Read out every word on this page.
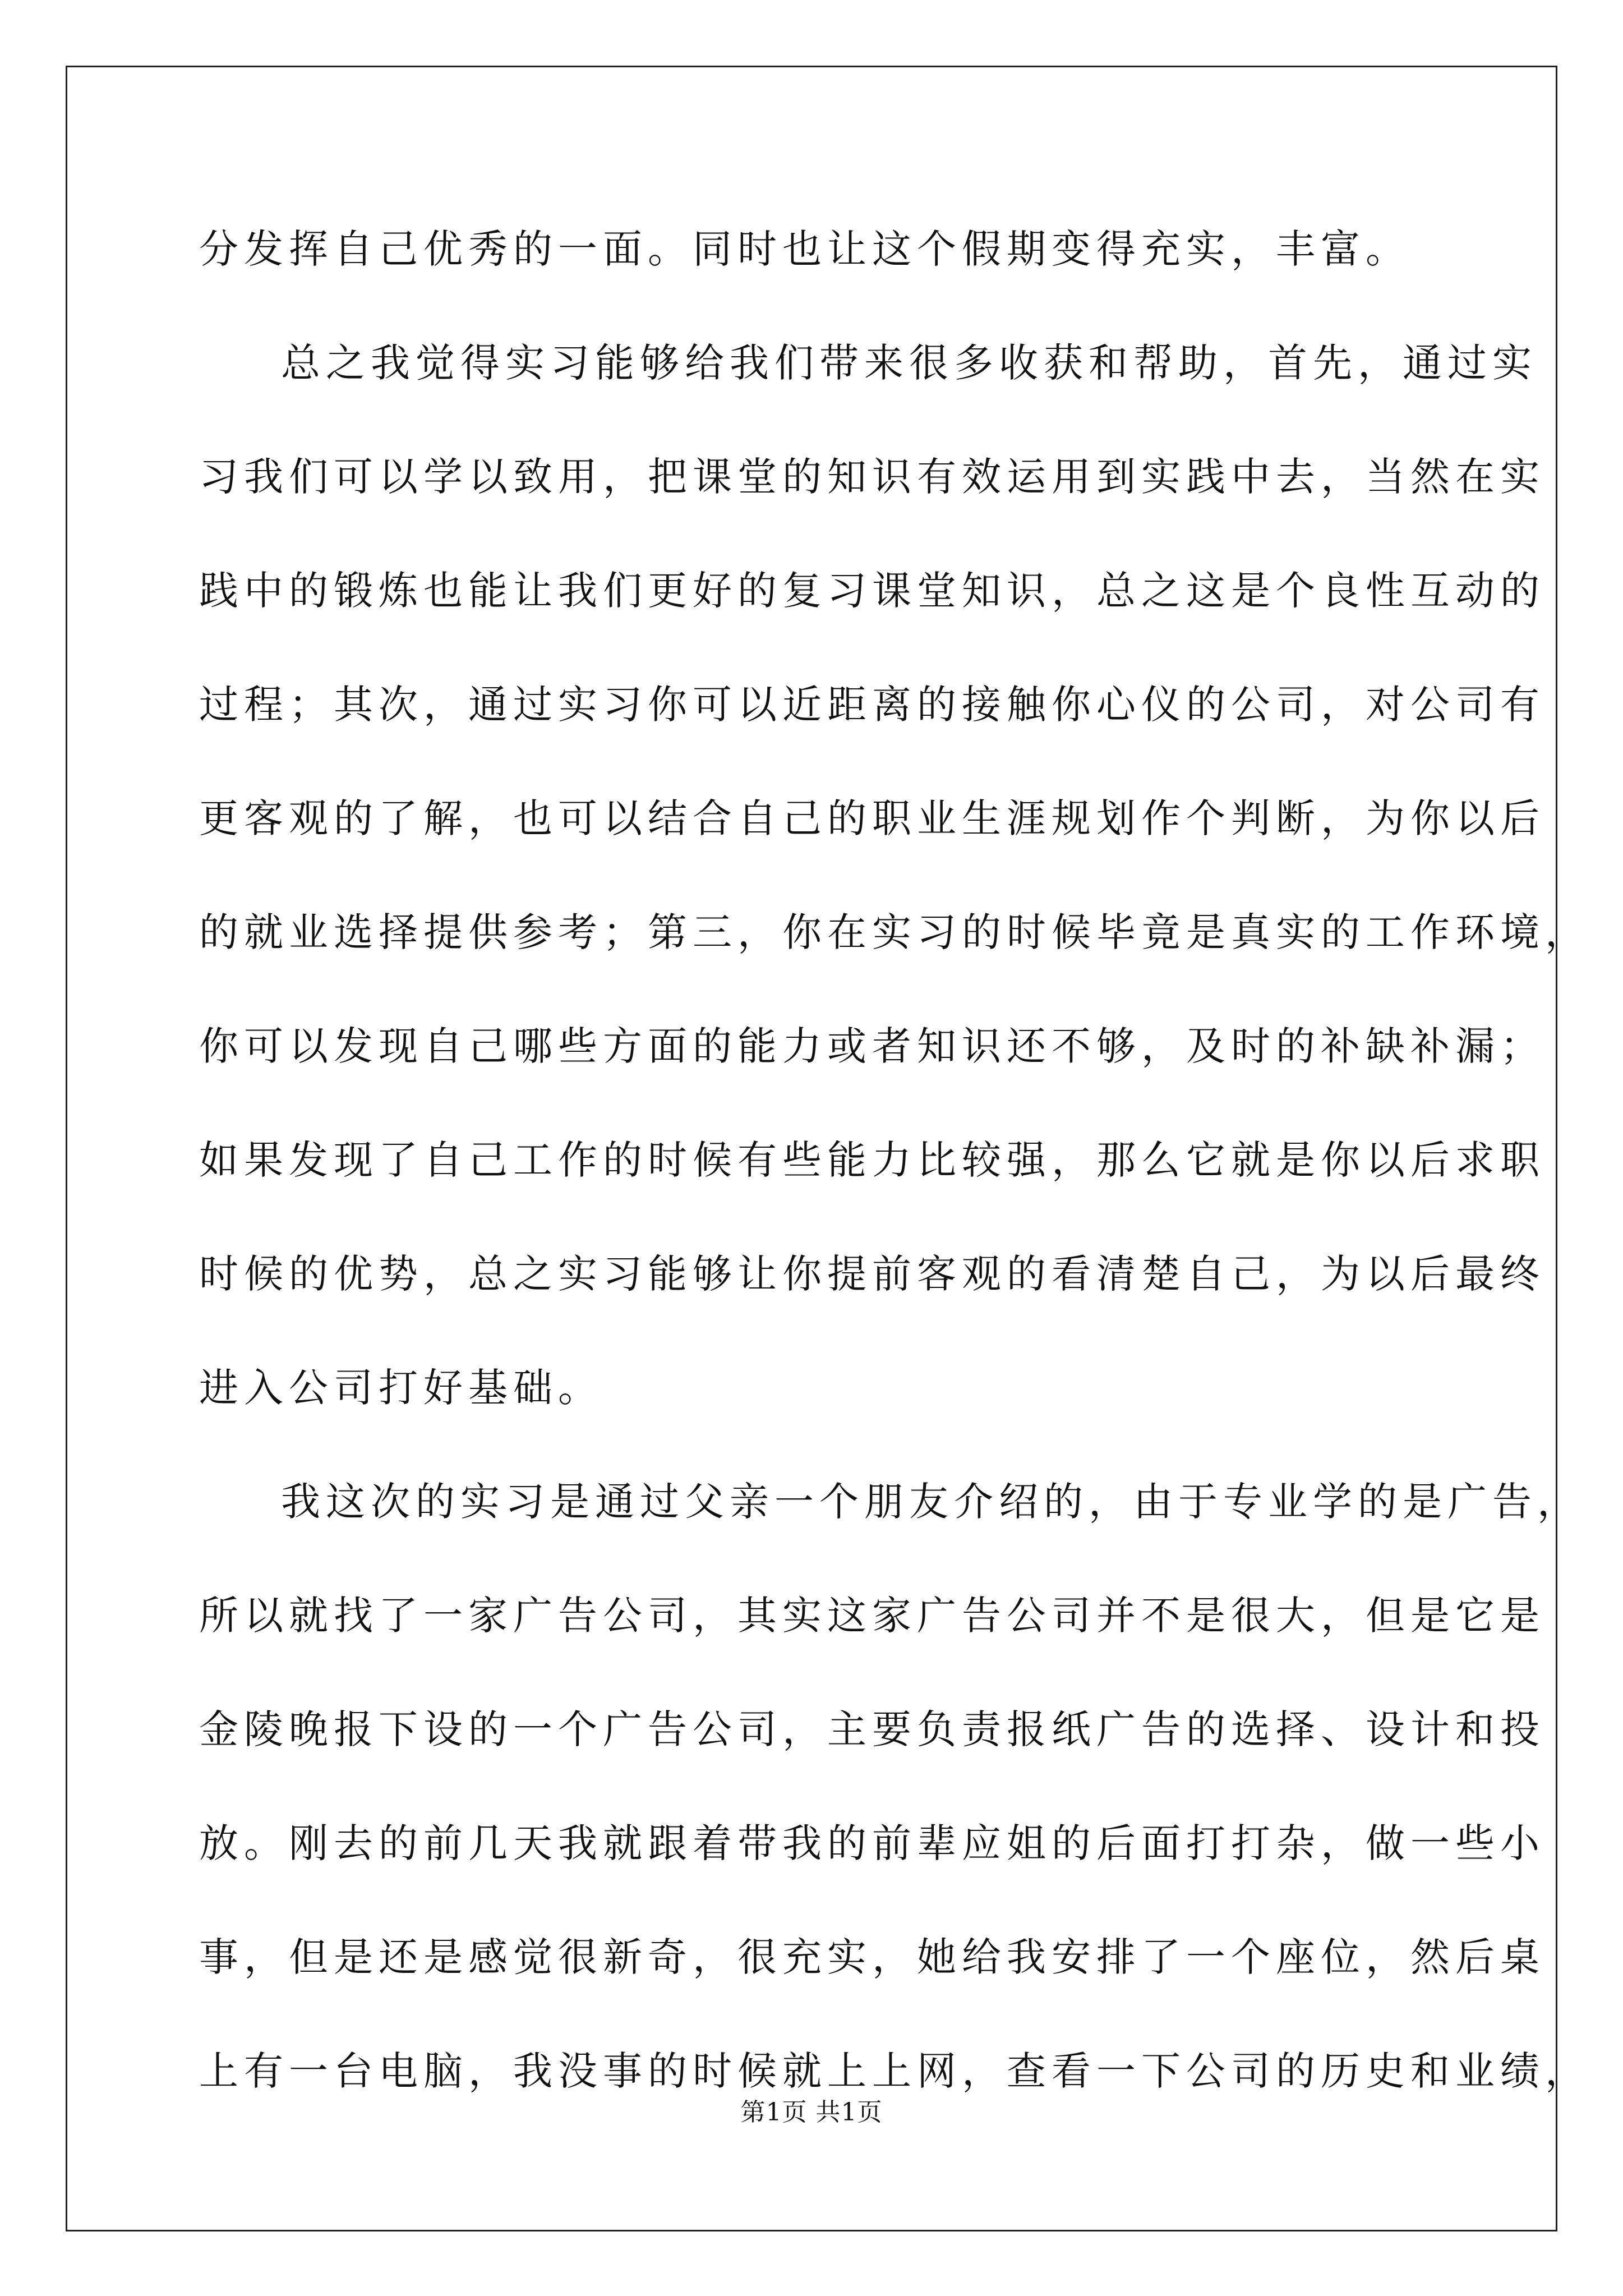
分发挥自己优秀的一面。同时也让这个假期变得充实，丰富。
总之我觉得实习能够给我们带来很多收获和帮助，首先，通过实
习我们可以学以致用，把课堂的知识有效运用到实践中去，当然在实
践中的锻炼也能让我们更好的复习课堂知识，总之这是个良性互动的
过程；其次，通过实习你可以近距离的接触你心仪的公司，对公司有
更客观的了解，也可以结合自己的职业生涯规划作个判断，为你以后
的就业选择提供参考；第三，你在实习的时候毕竟是真实的工作环境，
你可以发现自己哪些方面的能力或者知识还不够，及时的补缺补漏；
如果发现了自己工作的时候有些能力比较强，那么它就是你以后求职
时候的优势，总之实习能够让你提前客观的看清楚自己，为以后最终
进入公司打好基础。
我这次的实习是通过父亲一个朋友介绍的，由于专业学的是广告，
所以就找了一家广告公司，其实这家广告公司并不是很大，但是它是
金陵晚报下设的一个广告公司，主要负责报纸广告的选择、设计和投
放。刚去的前几天我就跟着带我的前辈应姐的后面打打杂，做一些小
事，但是还是感觉很新奇，很充实，她给我安排了一个座位，然后桌
上有一台电脑，我没事的时候就上上网，查看一下公司的历史和业绩，
第1页 共1页
